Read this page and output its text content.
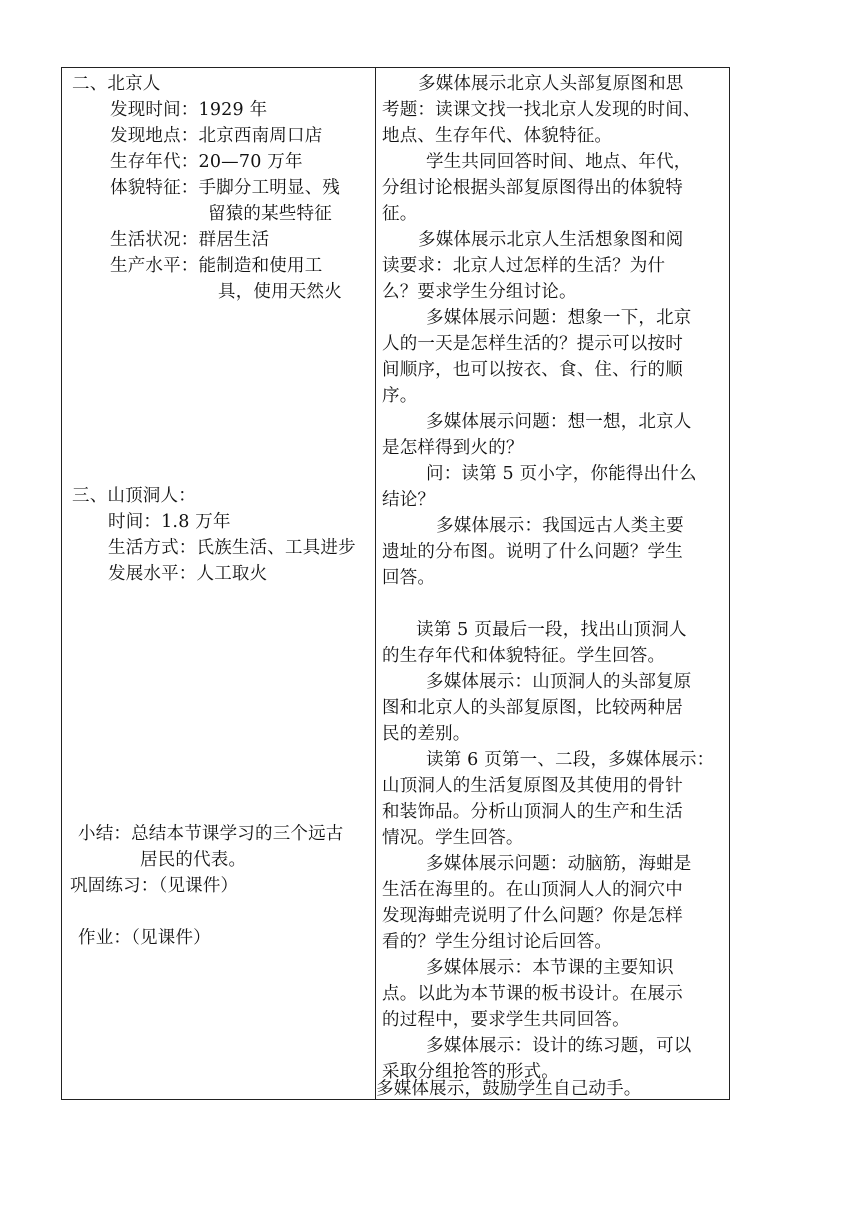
二、北京人
发现时间：1929 年
发现地点：北京西南周口店
生存年代：20—70 万年
体貌特征：手脚分工明显、残
留猿的某些特征
生活状况：群居生活
生产水平：能制造和使用工
具，使用天然火
三、山顶洞人：
时间：1.8 万年
生活方式：氏族生活、工具进步
发展水平：人工取火
小结：总结本节课学习的三个远古
居民的代表。
巩固练习：（见课件）
作业：（见课件）
多媒体展示北京人头部复原图和思
考题：读课文找一找北京人发现的时间、
地点、生存年代、体貌特征。
学生共同回答时间、地点、年代，
分组讨论根据头部复原图得出的体貌特
征。
多媒体展示北京人生活想象图和阅
读要求：北京人过怎样的生活？为什
么？要求学生分组讨论。
多媒体展示问题：想象一下，北京
人的一天是怎样生活的？提示可以按时
间顺序，也可以按衣、食、住、行的顺
序。
多媒体展示问题：想一想，北京人
是怎样得到火的？
问：读第 5 页小字，你能得出什么
结论？
多媒体展示：我国远古人类主要
遗址的分布图。说明了什么问题？学生
回答。
读第 5 页最后一段，找出山顶洞人
的生存年代和体貌特征。学生回答。
多媒体展示：山顶洞人的头部复原
图和北京人的头部复原图，比较两种居
民的差别。
读第 6 页第一、二段，多媒体展示：
山顶洞人的生活复原图及其使用的骨针
和装饰品。分析山顶洞人的生产和生活
情况。学生回答。
多媒体展示问题：动脑筋，海蚶是
生活在海里的。在山顶洞人人的洞穴中
发现海蚶壳说明了什么问题？你是怎样
看的？学生分组讨论后回答。
多媒体展示：本节课的主要知识
点。以此为本节课的板书设计。在展示
的过程中，要求学生共同回答。
多媒体展示：设计的练习题，可以
采取分组抢答的形式。
多媒体展示，鼓励学生自己动手。
